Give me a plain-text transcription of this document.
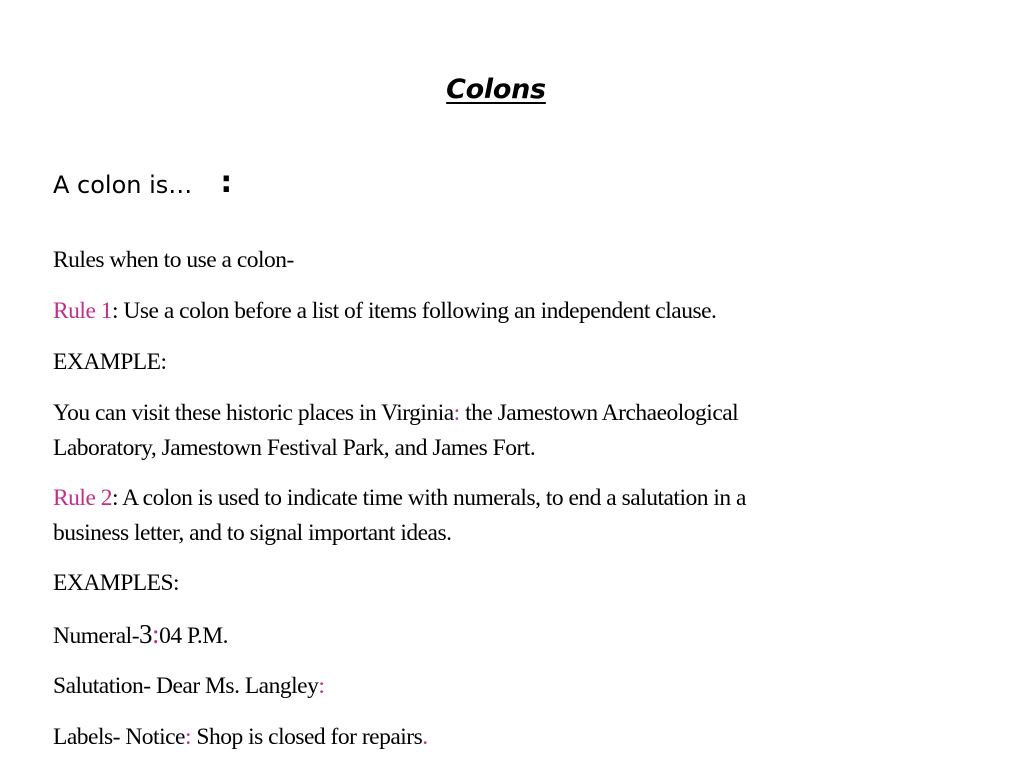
Colons
A colon is… :
Rules when to use a colon-
Rule 1: Use a colon before a list of items following an independent clause.
EXAMPLE:
You can visit these historic places in Virginia: the Jamestown Archaeological
Laboratory, Jamestown Festival Park, and James Fort.
Rule 2: A colon is used to indicate time with numerals, to end a salutation in a
business letter, and to signal important ideas.
EXAMPLES:
Numeral-3:04 P.M.
Salutation- Dear Ms. Langley:
Labels- Notice: Shop is closed for repairs.
